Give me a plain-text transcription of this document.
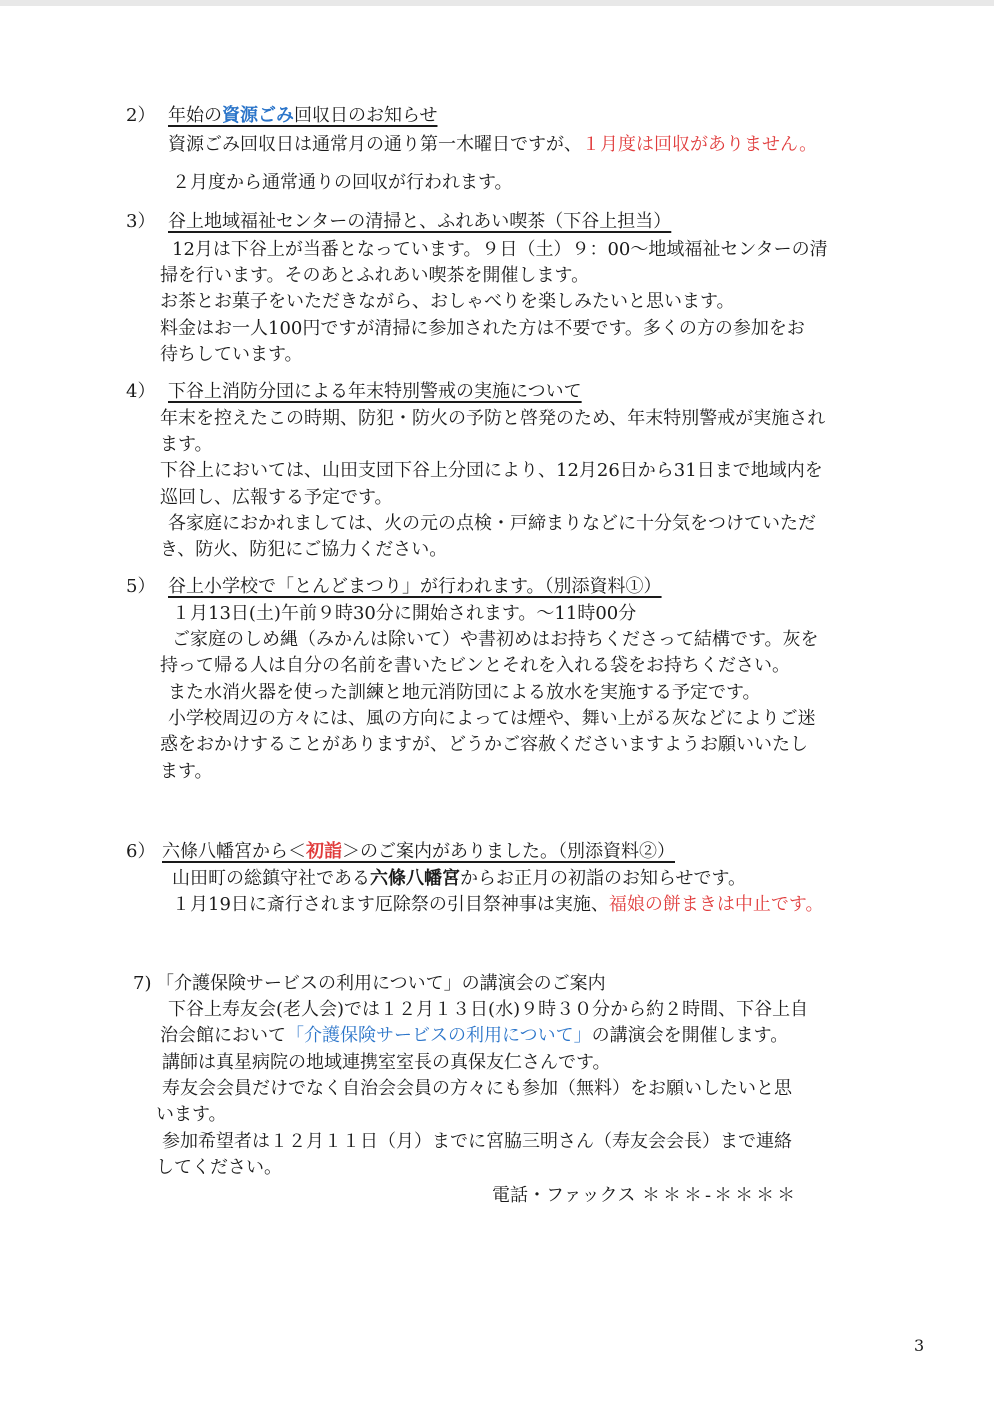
2） 年始の資源ごみ回収日のお知らせ
資源ごみ回収日は通常月の通り第一木曜日ですが、１月度は回収がありません。
２月度から通常通りの回収が行われます。
3） 谷上地域福祉センターの清掃と、ふれあい喫茶（下谷上担当）
12月は下谷上が当番となっています。９日（土）９：00～地域福祉センターの清
掃を行います。そのあとふれあい喫茶を開催します。
お茶とお菓子をいただきながら、おしゃべりを楽しみたいと思います。
料金はお一人100円ですが清掃に参加された方は不要です。多くの方の参加をお
待ちしています。
4） 下谷上消防分団による年末特別警戒の実施について
年末を控えたこの時期、防犯・防火の予防と啓発のため、年末特別警戒が実施され
ます。
下谷上においては、山田支団下谷上分団により、12月26日から31日まで地域内を
巡回し、広報する予定です。
各家庭におかれましては、火の元の点検・戸締まりなどに十分気をつけていただ
き、防火、防犯にご協力ください。
5） 谷上小学校で「とんどまつり」が行われます。（別添資料①）
１月13日(土)午前９時30分に開始されます。～11時00分
ご家庭のしめ縄（みかんは除いて）や書初めはお持ちくださって結構です。灰を
持って帰る人は自分の名前を書いたビンとそれを入れる袋をお持ちください。
また水消火器を使った訓練と地元消防団による放水を実施する予定です。
小学校周辺の方々には、風の方向によっては煙や、舞い上がる灰などによりご迷
惑をおかけすることがありますが、どうかご容赦くださいますようお願いいたし
ます。
6） 六條八幡宮から＜初詣＞のご案内がありました。（別添資料②）
山田町の総鎮守社である六條八幡宮からお正月の初詣のお知らせです。
１月19日に斎行されます厄除祭の引目祭神事は実施、福娘の餅まきは中止です。
7) 「介護保険サービスの利用について」の講演会のご案内
下谷上寿友会(老人会)では１２月１３日(水)９時３０分から約２時間、下谷上自
治会館において「介護保険サービスの利用について」の講演会を開催します。
講師は真星病院の地域連携室室長の真保友仁さんです。
寿友会会員だけでなく自治会会員の方々にも参加（無料）をお願いしたいと思
います。
参加希望者は１２月１１日（月）までに宮脇三明さん（寿友会会長）まで連絡
してください。
電話・ファックス ＊＊＊-＊＊＊＊
3
